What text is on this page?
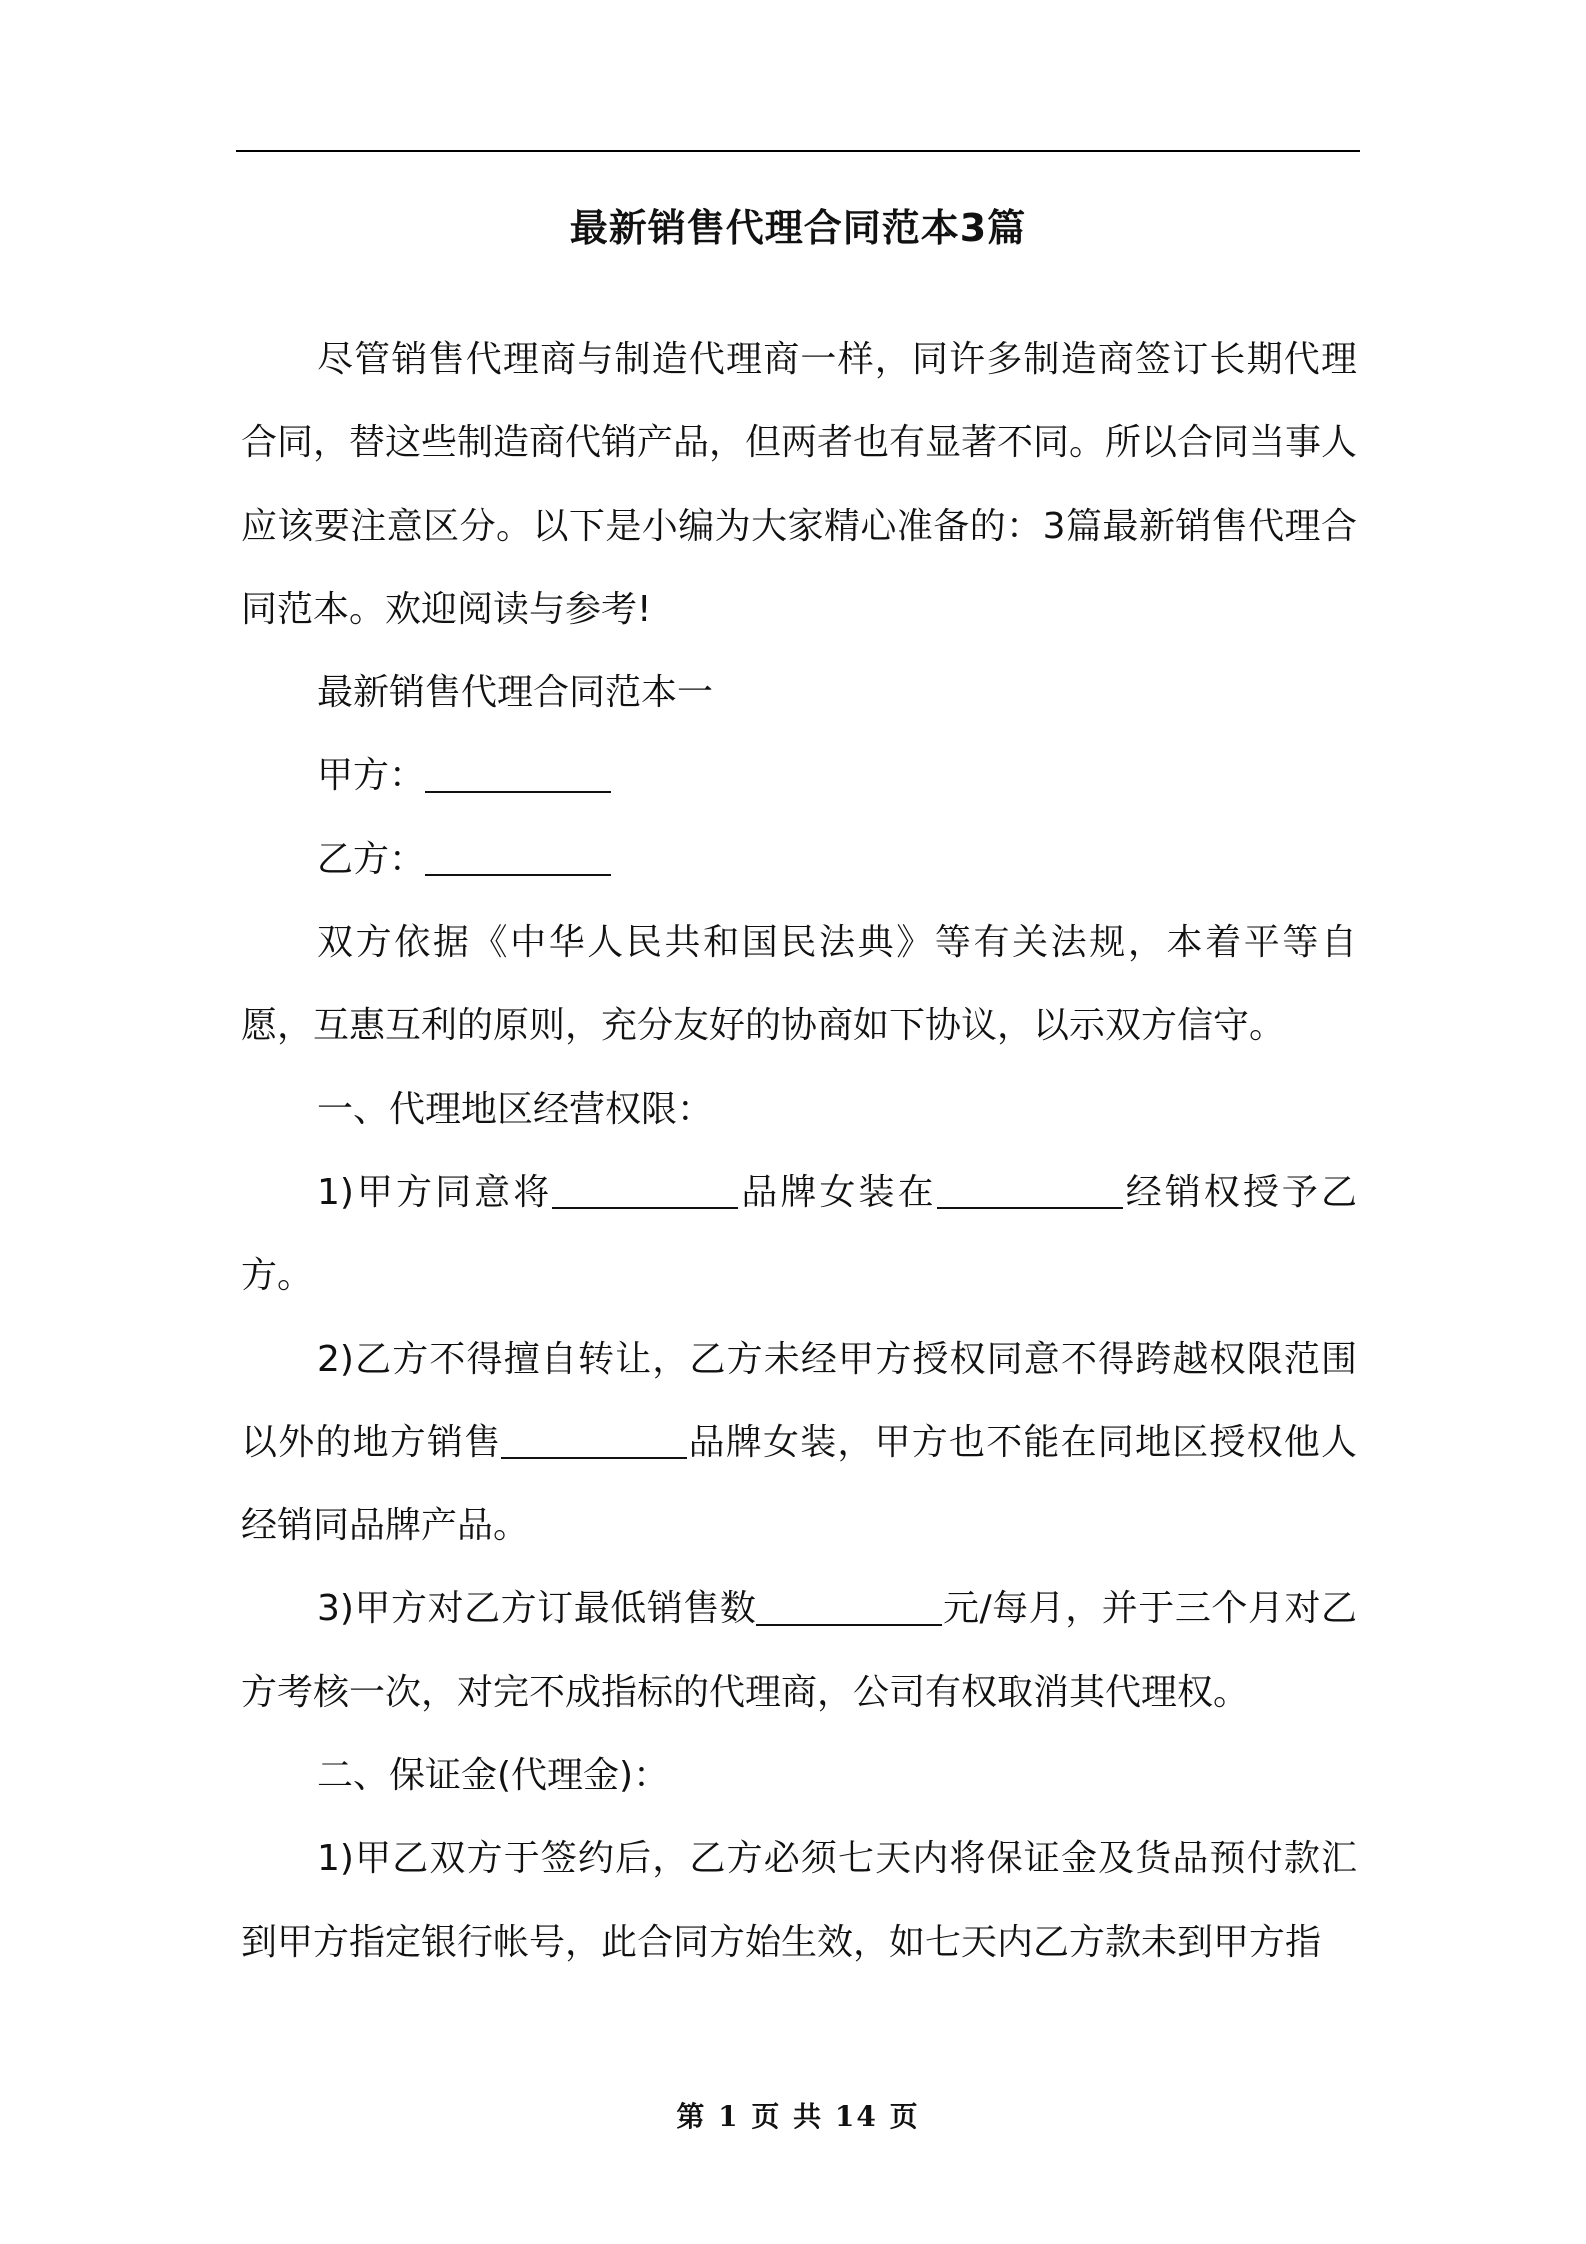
最新销售代理合同范本3篇

尽管销售代理商与制造代理商一样，同许多制造商签订长期代理合同，替这些制造商代销产品，但两者也有显著不同。所以合同当事人应该要注意区分。以下是小编为大家精心准备的：3篇最新销售代理合同范本。欢迎阅读与参考!

最新销售代理合同范本一

甲方：

乙方：

双方依据《中华人民共和国民法典》等有关法规，本着平等自愿，互惠互利的原则，充分友好的协商如下协议，以示双方信守。

一、代理地区经营权限：

1)甲方同意将	品牌女装在	经销权授予乙方。

2)乙方不得擅自转让，乙方未经甲方授权同意不得跨越权限范围以外的地方销售	品牌女装，甲方也不能在同地区授权他人经销同品牌产品。

3)甲方对乙方订最低销售数	元/每月，并于三个月对乙方考核一次，对完不成指标的代理商，公司有权取消其代理权。

二、保证金(代理金)：

1)甲乙双方于签约后，乙方必须七天内将保证金及货品预付款汇到甲方指定银行帐号，此合同方始生效，如七天内乙方款未到甲方指

第 1 页 共 14 页
